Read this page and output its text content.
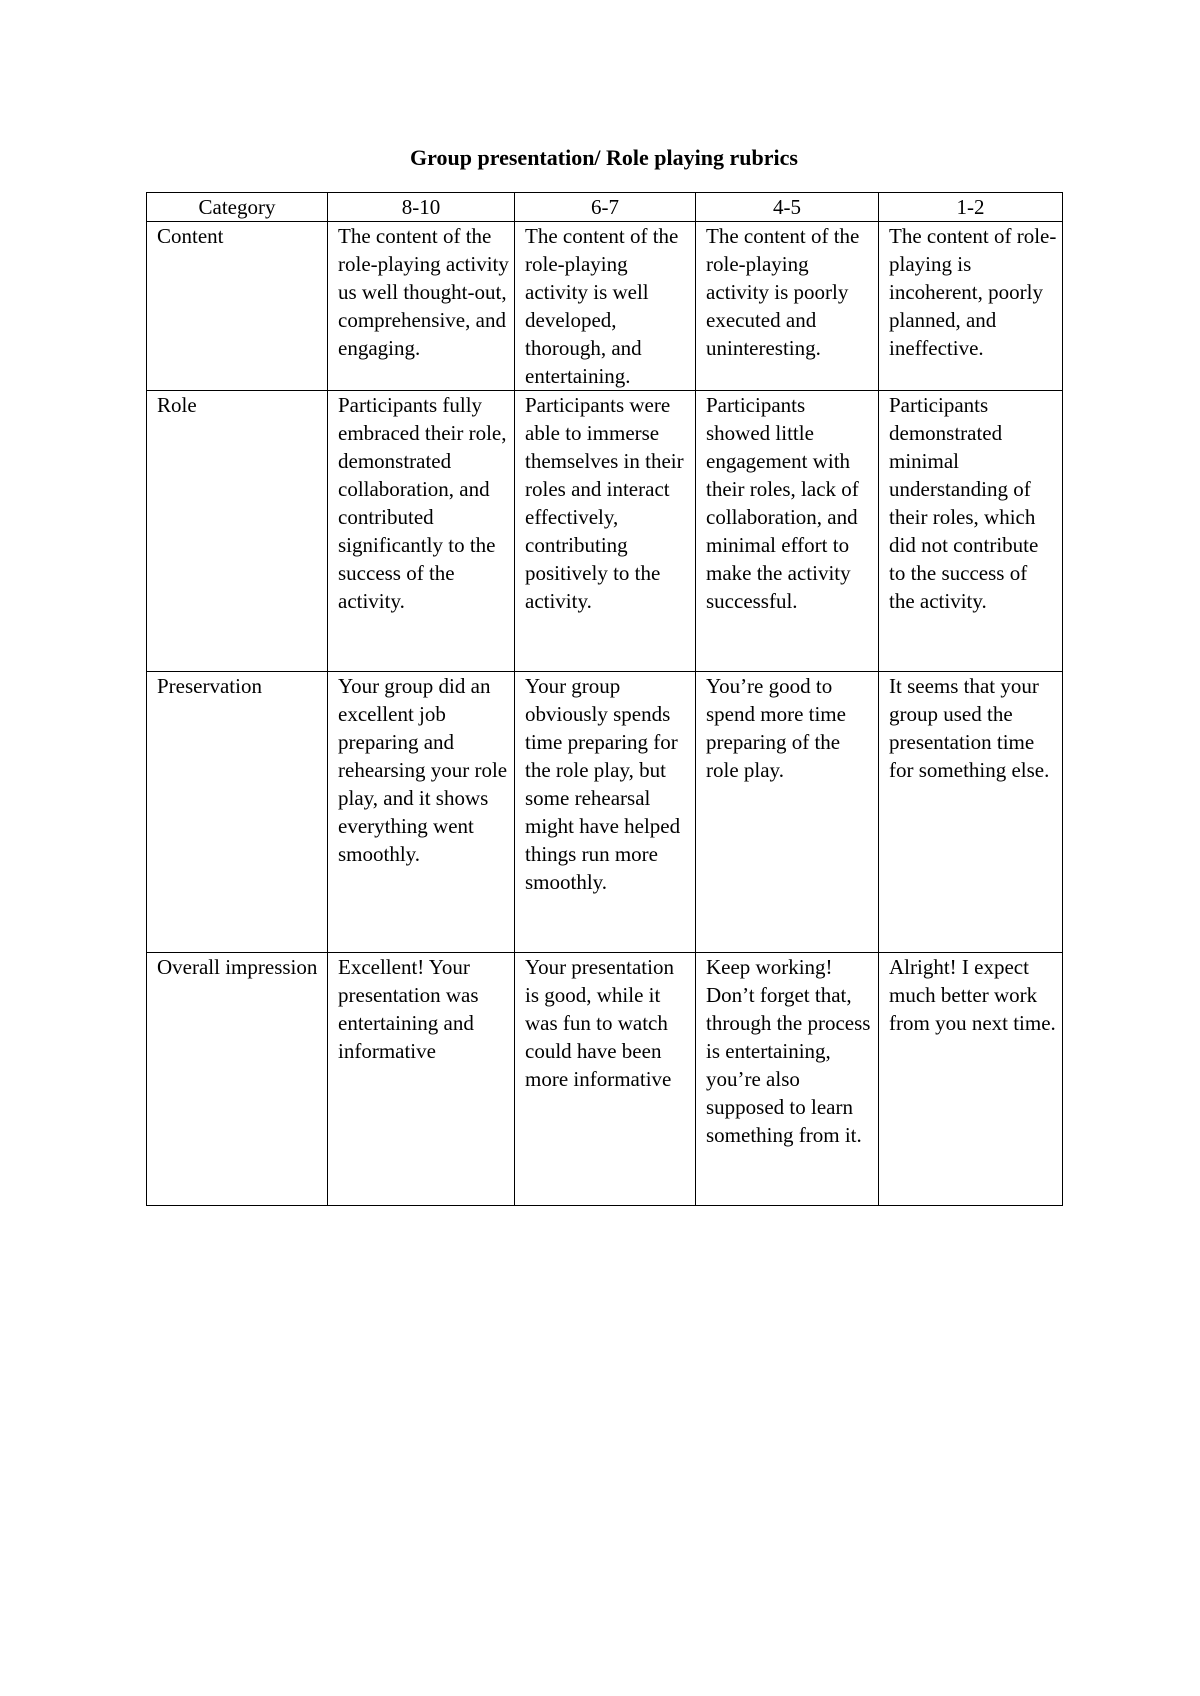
Group presentation/ Role playing rubrics
Category	8-10	6-7	4-5	1-2
Content	The content of the role-playing activity us well thought-out, comprehensive, and engaging.	The content of the role-playing activity is well developed, thorough, and entertaining.	The content of the role-playing activity is poorly executed and uninteresting.	The content of role-playing is incoherent, poorly planned, and ineffective.
Role	Participants fully embraced their role, demonstrated collaboration, and contributed significantly to the success of the activity.	Participants were able to immerse themselves in their roles and interact effectively, contributing positively to the activity.	Participants showed little engagement with their roles, lack of collaboration, and minimal effort to make the activity successful.	Participants demonstrated minimal understanding of their roles, which did not contribute to the success of the activity.
Preservation	Your group did an excellent job preparing and rehearsing your role play, and it shows everything went smoothly.	Your group obviously spends time preparing for the role play, but some rehearsal might have helped things run more smoothly.	You’re good to spend more time preparing of the role play.	It seems that your group used the presentation time for something else.
Overall impression	Excellent! Your presentation was entertaining and informative	Your presentation is good, while it was fun to watch could have been more informative	Keep working! Don’t forget that, through the process is entertaining, you’re also supposed to learn something from it.	Alright! I expect much better work from you next time.
